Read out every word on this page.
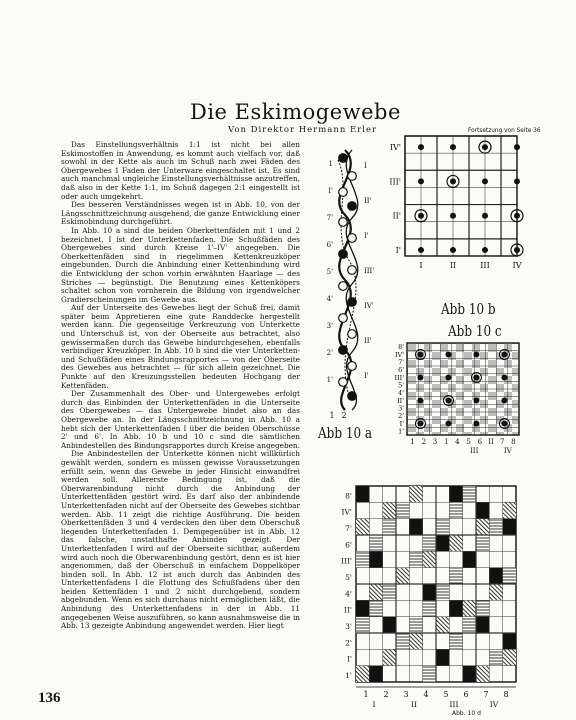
Die Eskimogewebe
Von Direktor Hermann Erler	Fortsetzung von Seite 36

Das Einstellungsverhältnis 1:1 ist nicht bei allen Eskimostoffen in Anwendung, es kommt auch vielfach vor, daß sowohl in der Kette als auch im Schuß nach zwei Fäden des Obergewebes 1 Faden der Unterware eingeschaltet ist. Es sind auch manchmal ungleiche Einstellungsverhältnisse anzutreffen, daß also in der Kette 1:1, im Schuß dagegen 2:1 eingestellt ist oder auch umgekehrt.

Des besseren Verständnisses wegen ist in Abb. 10, von der Längsschnittzeichnung ausgehend, die ganze Entwicklung einer Eskimobindung durchgeführt.

In Abb. 10 a sind die beiden Oberkettenfäden mit 1 und 2 bezeichnet, I ist der Unterkettenfaden. Die Schußfäden des Obergewebes sind durch Kreise 1'–IV' angegeben. Die Oberkettenfäden sind in riegelimmen Kettenkreuzköper eingebunden. Durch die Anbindung einer Kettenbindung wird die Entwicklung der schon vorhin erwähnten Haarlage — des Striches — begünstigt. Die Benutzung eines Kettenköpers schaltet schon von vornherein die Bildung von irgendwelcher Gradierscheinungen im Gewebe aus.

Auf der Unterseite des Gewebes liegt der Schuß frei, damit später beim Appretieren eine gute Randdecke hergestellt werden kann. Die gegenseitige Verkreuzung von Unterkette und Unterschuß ist, von der Oberseite aus betrachtet, also gewissermaßen durch das Gewebe hindurchgesehen, ebenfalls verbindiger Kreuzköper. In Abb. 10 b sind die vier Unterketten- und Schußfäden eines Bindungsrapportes — von der Oberseite des Gewebes aus betrachtet — für sich allein gezeichnet. Die Punkte auf den Kreuzungsstellen bedeuten Hochgang der Kettenfäden.

Der Zusammenhalt des Ober- und Untergewebes erfolgt durch das Einbinden der Unterkettenfäden in die Unterseite des Obergewebes — das Untergewebe bindet also an das Obergewebe an. In der Längsschnittzeichnung in Abb. 10 a hebt sich der Unterkettenfaden I über die beiden Oberschüsse 2' und 6'. In Abb. 10 b und 10 c sind die sämtlichen Anbindestellen des Bindungsrapportes durch Kreise angegeben.

Die Anbindestellen der Unterkette können nicht willkürlich gewählt werden, sondern es müssen gewisse Voraussetzungen erfüllt sein, wenn das Gewebe in jeder Hinsicht einwandfrei werden soll. Allererste Bedingung ist, daß die Oberwarenbindung nicht durch die Anbindung der Unterkettenfäden gestört wird. Es darf also der anbindende Unterkettenfaden nicht auf der Oberseite des Gewebes sichtbar werden. Abb. 11 zeigt die richtige Ausführung. Die beiden Oberkettenfäden 3 und 4 verdecken den über dem Oberschuß liegenden Unterkettenfaden 1. Demgegenüber ist in Abb. 12 das falsche, unstatthafte Anbinden gezeigt. Der Unterkettenfaden I wird auf der Oberseite sichtbar, außerdem wird auch noch die Oberwarenbindung gestört, denn es ist hier angenommen, daß der Oberschuß in einfachem Doppelköper binden soll. In Abb. 12 ist auch durch das Anbinden des Unterkettenfadens I die Flottung des Schußfadens über den beiden Kettenfäden 1 und 2 nicht durchgebend, sondern abgebunden. Wenn es sich durchaus nicht ermöglichen läßt, die Anbindung des Unterkettenfadens in der in Abb. 11 angegebenen Weise auszuführen, so kann ausnahmsweise die in Abb. 13 gezeigte Anbindung angewendet werden. Hier liegt

136
Abb 10 a
Abb 10 b
Abb 10 c
Abb. 10 d
1
I'
7'
6'
5'
4'
3'
2'
1'
I
II'
I'
III'
IV'
II'
I'
1 2
IV'
III'
II'
I'
I	II	III	IV
8'
IV'
7'
6'
III'
5'
4'
II'
3'
2'
I'
1'
1 2 3 I 4 5 6 II 7 8
III	IV
8'
IV'
7'
6'
III'
5'
4'
II'
3'
2'
I'
1'
1 2 3 4 5 6 7 8
I	II	III	IV
